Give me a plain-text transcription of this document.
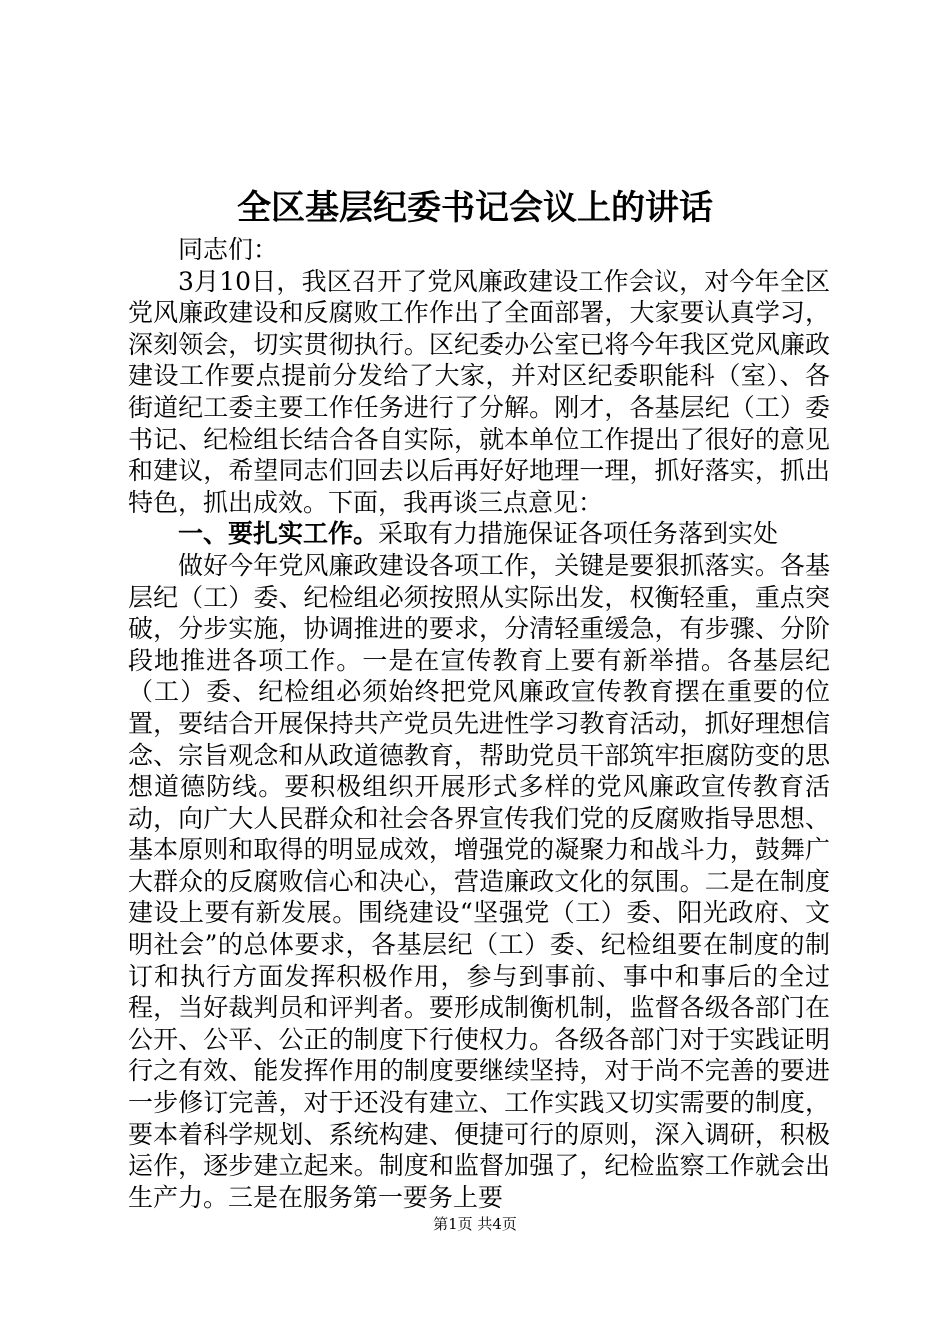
全区基层纪委书记会议上的讲话

同志们：

3月10日，我区召开了党风廉政建设工作会议，对今年全区党风廉政建设和反腐败工作作出了全面部署，大家要认真学习，深刻领会，切实贯彻执行。区纪委办公室已将今年我区党风廉政建设工作要点提前分发给了大家，并对区纪委职能科（室）、各街道纪工委主要工作任务进行了分解。刚才，各基层纪（工）委书记、纪检组长结合各自实际，就本单位工作提出了很好的意见和建议，希望同志们回去以后再好好地理一理，抓好落实，抓出特色，抓出成效。下面，我再谈三点意见：

一、要扎实工作。采取有力措施保证各项任务落到实处

做好今年党风廉政建设各项工作，关键是要狠抓落实。各基层纪（工）委、纪检组必须按照从实际出发，权衡轻重，重点突破，分步实施，协调推进的要求，分清轻重缓急，有步骤、分阶段地推进各项工作。一是在宣传教育上要有新举措。各基层纪（工）委、纪检组必须始终把党风廉政宣传教育摆在重要的位置，要结合开展保持共产党员先进性学习教育活动，抓好理想信念、宗旨观念和从政道德教育，帮助党员干部筑牢拒腐防变的思想道德防线。要积极组织开展形式多样的党风廉政宣传教育活动，向广大人民群众和社会各界宣传我们党的反腐败指导思想、基本原则和取得的明显成效，增强党的凝聚力和战斗力，鼓舞广大群众的反腐败信心和决心，营造廉政文化的氛围。二是在制度建设上要有新发展。围绕建设“坚强党（工）委、阳光政府、文明社会”的总体要求，各基层纪（工）委、纪检组要在制度的制订和执行方面发挥积极作用，参与到事前、事中和事后的全过程，当好裁判员和评判者。要形成制衡机制，监督各级各部门在公开、公平、公正的制度下行使权力。各级各部门对于实践证明行之有效、能发挥作用的制度要继续坚持，对于尚不完善的要进一步修订完善，对于还没有建立、工作实践又切实需要的制度，要本着科学规划、系统构建、便捷可行的原则，深入调研，积极运作，逐步建立起来。制度和监督加强了，纪检监察工作就会出生产力。三是在服务第一要务上要

第1页 共4页
